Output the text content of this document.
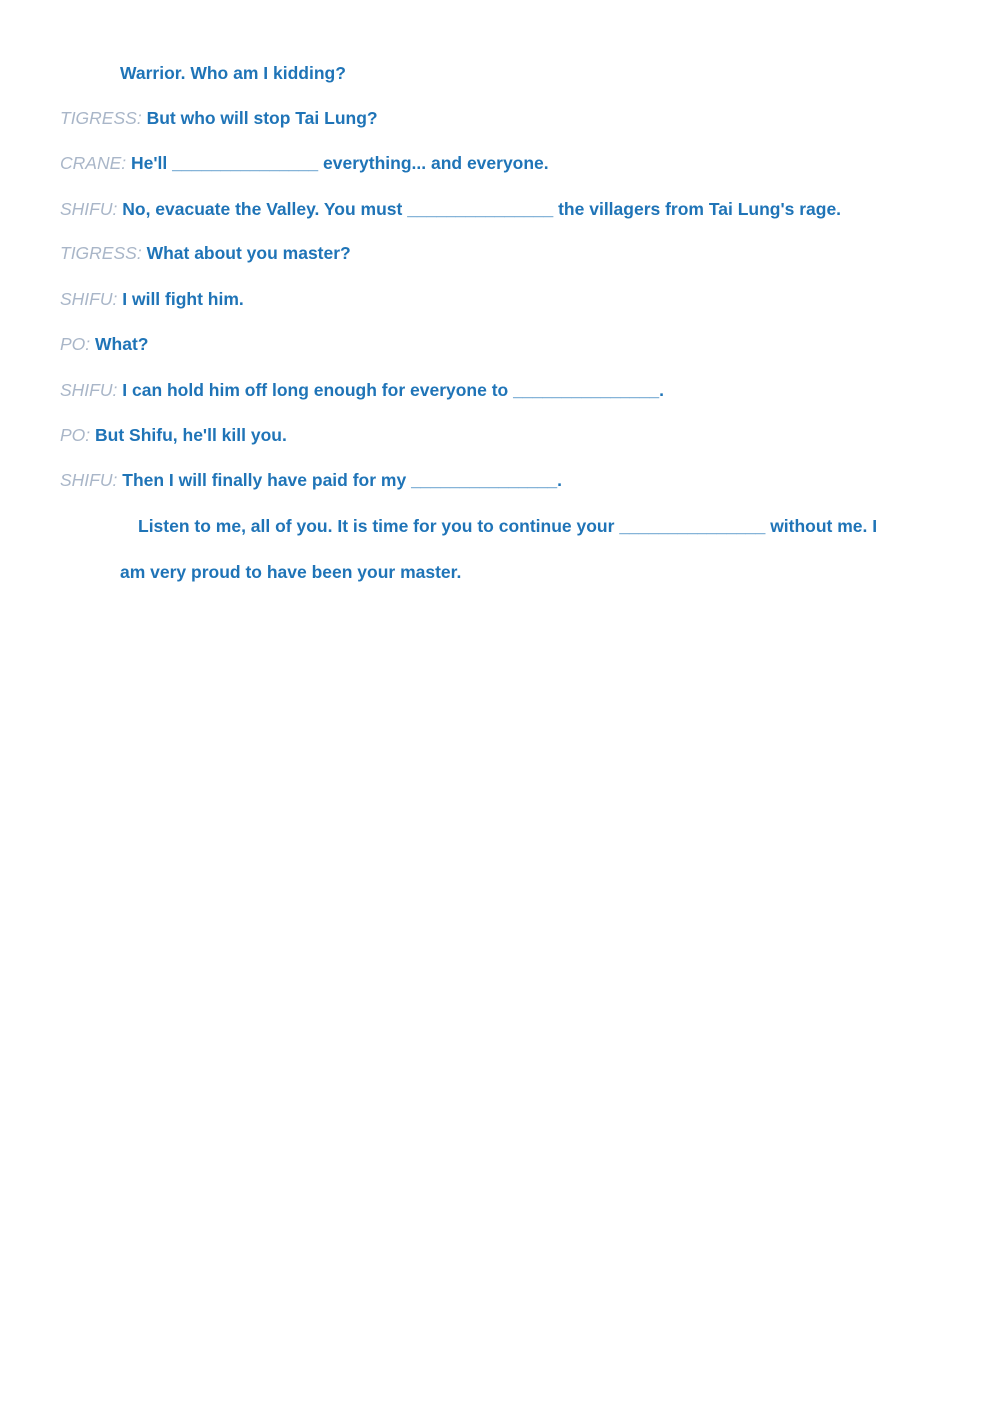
Warrior. Who am I kidding?
TIGRESS: But who will stop Tai Lung?
CRANE: He'll _______________ everything... and everyone.
SHIFU: No, evacuate the Valley. You must _______________ the villagers from Tai Lung's rage.
TIGRESS: What about you master?
SHIFU: I will fight him.
PO: What?
SHIFU: I can hold him off long enough for everyone to _______________.
PO: But Shifu, he'll kill you.
SHIFU: Then I will finally have paid for my _______________.
Listen to me, all of you. It is time for you to continue your _______________ without me. I
am very proud to have been your master.
